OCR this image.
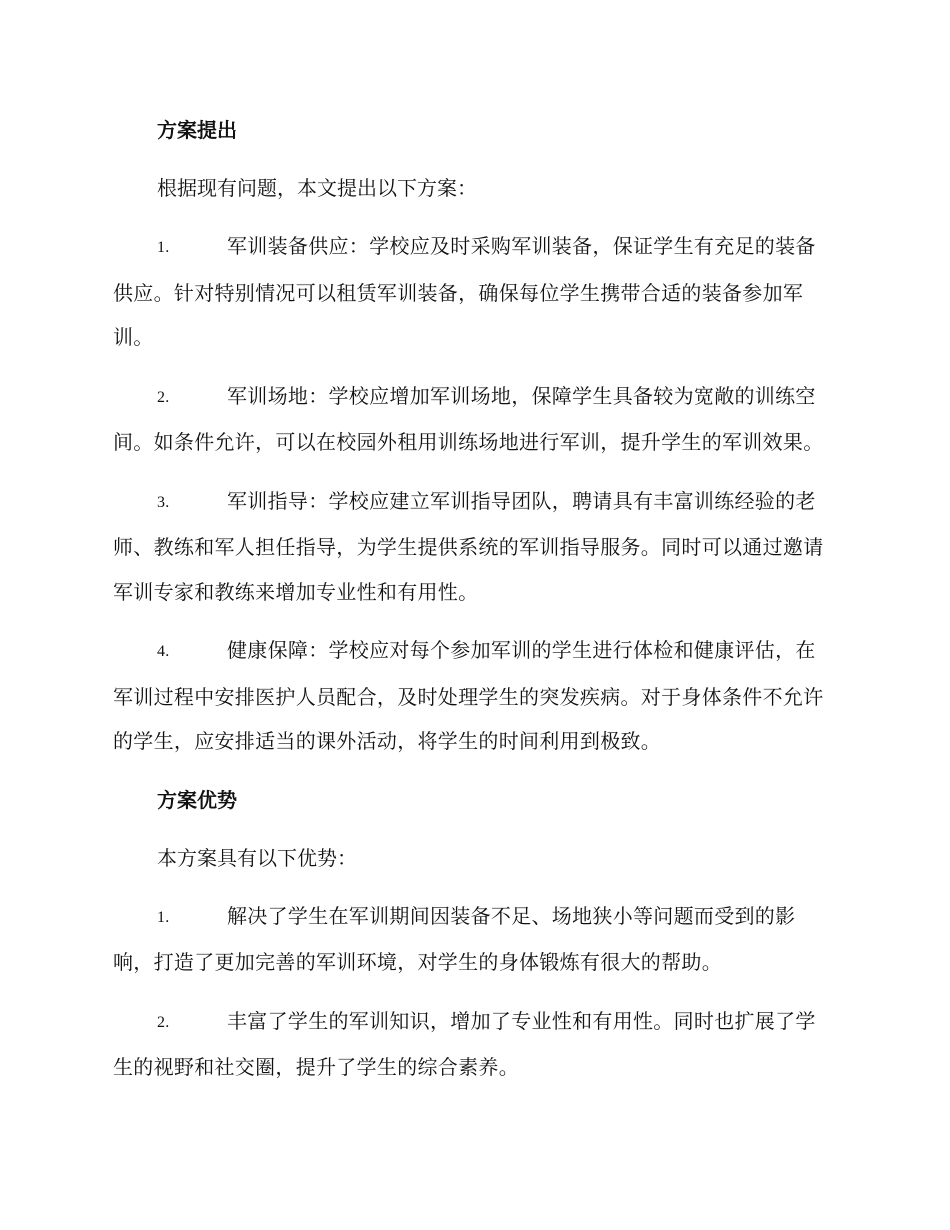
方案提出
根据现有问题，本文提出以下方案：
1.	军训装备供应：学校应及时采购军训装备，保证学生有充足的装备供应。针对特别情况可以租赁军训装备，确保每位学生携带合适的装备参加军训。
2.	军训场地：学校应增加军训场地，保障学生具备较为宽敞的训练空间。如条件允许，可以在校园外租用训练场地进行军训，提升学生的军训效果。
3.	军训指导：学校应建立军训指导团队，聘请具有丰富训练经验的老师、教练和军人担任指导，为学生提供系统的军训指导服务。同时可以通过邀请军训专家和教练来增加专业性和有用性。
4.	健康保障：学校应对每个参加军训的学生进行体检和健康评估，在军训过程中安排医护人员配合，及时处理学生的突发疾病。对于身体条件不允许的学生，应安排适当的课外活动，将学生的时间利用到极致。
方案优势
本方案具有以下优势：
1.	解决了学生在军训期间因装备不足、场地狭小等问题而受到的影响，打造了更加完善的军训环境，对学生的身体锻炼有很大的帮助。
2.	丰富了学生的军训知识，增加了专业性和有用性。同时也扩展了学生的视野和社交圈，提升了学生的综合素养。
